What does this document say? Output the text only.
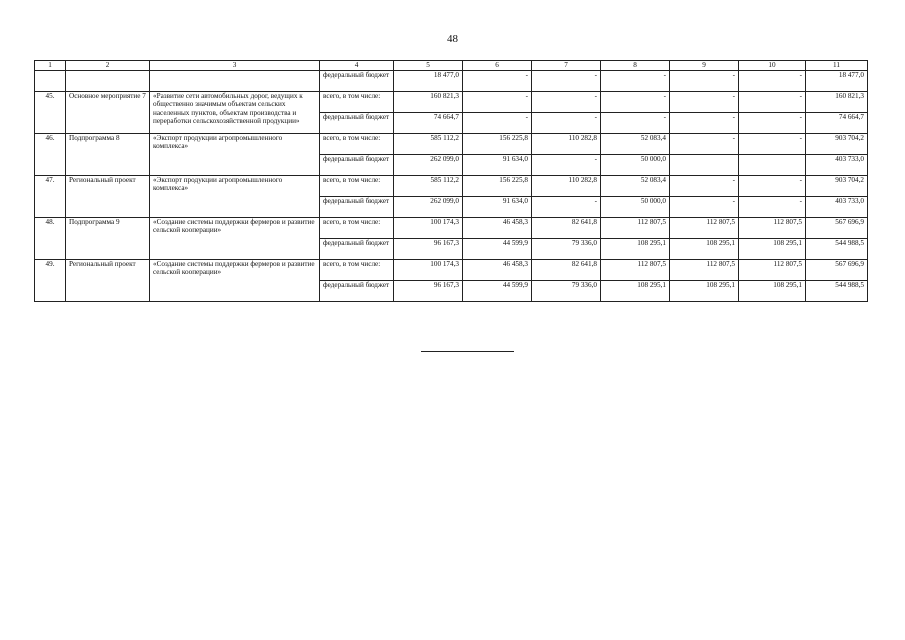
48
1	2	3	4	5	6	7	8	9	10	11
			федеральный бюджет	18 477,0	-	-	-	-	-	18 477,0
45.	Основное мероприятие 7	«Развитие сети автомобильных дорог, ведущих к общественно значимым объектам сельских населенных пунктов, объектам производства и переработки сельскохозяйственной продукции»	всего, в том числе:	160 821,3	-	-	-	-	-	160 821,3
			федеральный бюджет	74 664,7	-	-	-	-	-	74 664,7
46.	Подпрограмма 8	«Экспорт продукции агропромышленного комплекса»	всего, в том числе:	585 112,2	156 225,8	110 282,8	52 083,4	-	-	903 704,2
			федеральный бюджет	262 099,0	91 634,0	-	50 000,0			403 733,0
47.	Региональный проект	«Экспорт продукции агропромышленного комплекса»	всего, в том числе:	585 112,2	156 225,8	110 282,8	52 083,4	-	-	903 704,2
			федеральный бюджет	262 099,0	91 634,0	-	50 000,0	-	-	403 733,0
48.	Подпрограмма 9	«Создание системы поддержки фермеров и развитие сельской кооперации»	всего, в том числе:	100 174,3	46 458,3	82 641,8	112 807,5	112 807,5	112 807,5	567 696,9
			федеральный бюджет	96 167,3	44 599,9	79 336,0	108 295,1	108 295,1	108 295,1	544 988,5
49.	Региональный проект	«Создание системы поддержки фермеров и развитие сельской кооперации»	всего, в том числе:	100 174,3	46 458,3	82 641,8	112 807,5	112 807,5	112 807,5	567 696,9
			федеральный бюджет	96 167,3	44 599,9	79 336,0	108 295,1	108 295,1	108 295,1	544 988,5
